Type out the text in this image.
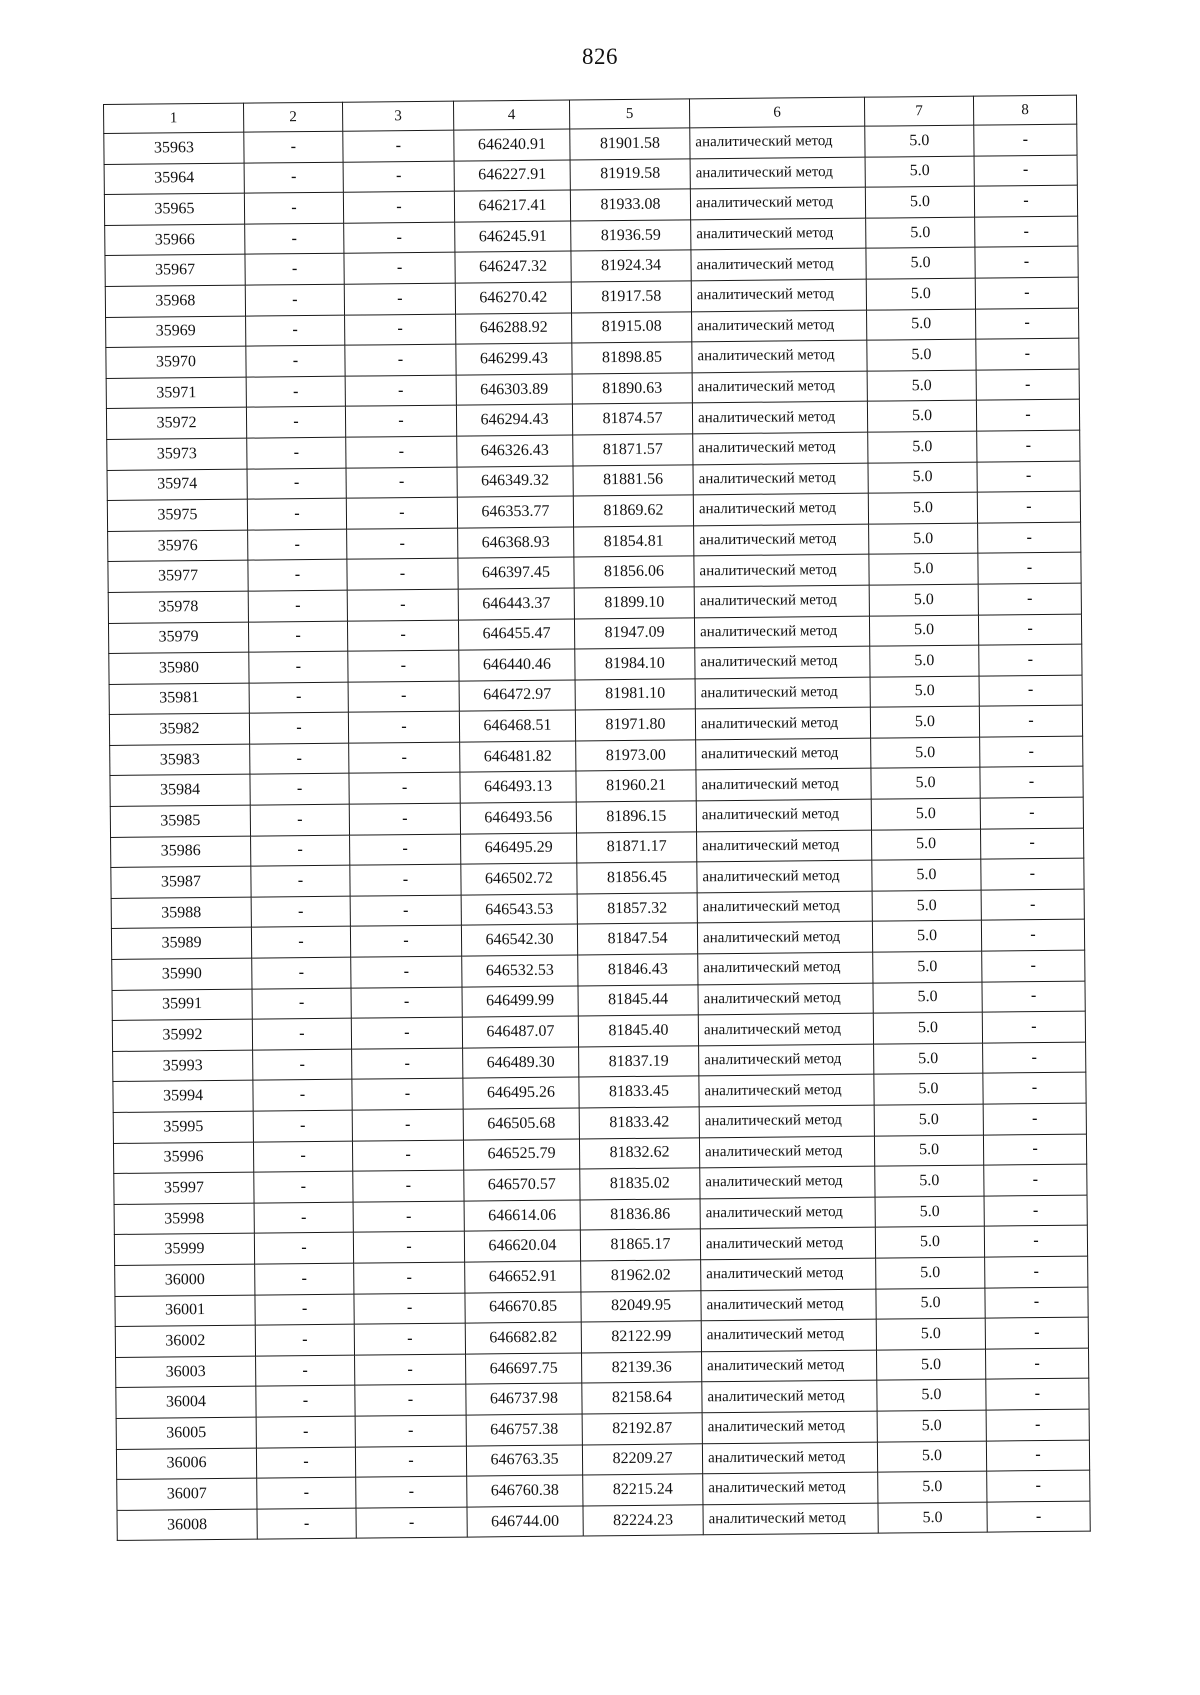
826
1	2	3	4	5	6	7	8
35963	-	-	646240.91	81901.58	аналитический метод	5.0	-
35964	-	-	646227.91	81919.58	аналитический метод	5.0	-
35965	-	-	646217.41	81933.08	аналитический метод	5.0	-
35966	-	-	646245.91	81936.59	аналитический метод	5.0	-
35967	-	-	646247.32	81924.34	аналитический метод	5.0	-
35968	-	-	646270.42	81917.58	аналитический метод	5.0	-
35969	-	-	646288.92	81915.08	аналитический метод	5.0	-
35970	-	-	646299.43	81898.85	аналитический метод	5.0	-
35971	-	-	646303.89	81890.63	аналитический метод	5.0	-
35972	-	-	646294.43	81874.57	аналитический метод	5.0	-
35973	-	-	646326.43	81871.57	аналитический метод	5.0	-
35974	-	-	646349.32	81881.56	аналитический метод	5.0	-
35975	-	-	646353.77	81869.62	аналитический метод	5.0	-
35976	-	-	646368.93	81854.81	аналитический метод	5.0	-
35977	-	-	646397.45	81856.06	аналитический метод	5.0	-
35978	-	-	646443.37	81899.10	аналитический метод	5.0	-
35979	-	-	646455.47	81947.09	аналитический метод	5.0	-
35980	-	-	646440.46	81984.10	аналитический метод	5.0	-
35981	-	-	646472.97	81981.10	аналитический метод	5.0	-
35982	-	-	646468.51	81971.80	аналитический метод	5.0	-
35983	-	-	646481.82	81973.00	аналитический метод	5.0	-
35984	-	-	646493.13	81960.21	аналитический метод	5.0	-
35985	-	-	646493.56	81896.15	аналитический метод	5.0	-
35986	-	-	646495.29	81871.17	аналитический метод	5.0	-
35987	-	-	646502.72	81856.45	аналитический метод	5.0	-
35988	-	-	646543.53	81857.32	аналитический метод	5.0	-
35989	-	-	646542.30	81847.54	аналитический метод	5.0	-
35990	-	-	646532.53	81846.43	аналитический метод	5.0	-
35991	-	-	646499.99	81845.44	аналитический метод	5.0	-
35992	-	-	646487.07	81845.40	аналитический метод	5.0	-
35993	-	-	646489.30	81837.19	аналитический метод	5.0	-
35994	-	-	646495.26	81833.45	аналитический метод	5.0	-
35995	-	-	646505.68	81833.42	аналитический метод	5.0	-
35996	-	-	646525.79	81832.62	аналитический метод	5.0	-
35997	-	-	646570.57	81835.02	аналитический метод	5.0	-
35998	-	-	646614.06	81836.86	аналитический метод	5.0	-
35999	-	-	646620.04	81865.17	аналитический метод	5.0	-
36000	-	-	646652.91	81962.02	аналитический метод	5.0	-
36001	-	-	646670.85	82049.95	аналитический метод	5.0	-
36002	-	-	646682.82	82122.99	аналитический метод	5.0	-
36003	-	-	646697.75	82139.36	аналитический метод	5.0	-
36004	-	-	646737.98	82158.64	аналитический метод	5.0	-
36005	-	-	646757.38	82192.87	аналитический метод	5.0	-
36006	-	-	646763.35	82209.27	аналитический метод	5.0	-
36007	-	-	646760.38	82215.24	аналитический метод	5.0	-
36008	-	-	646744.00	82224.23	аналитический метод	5.0	-
